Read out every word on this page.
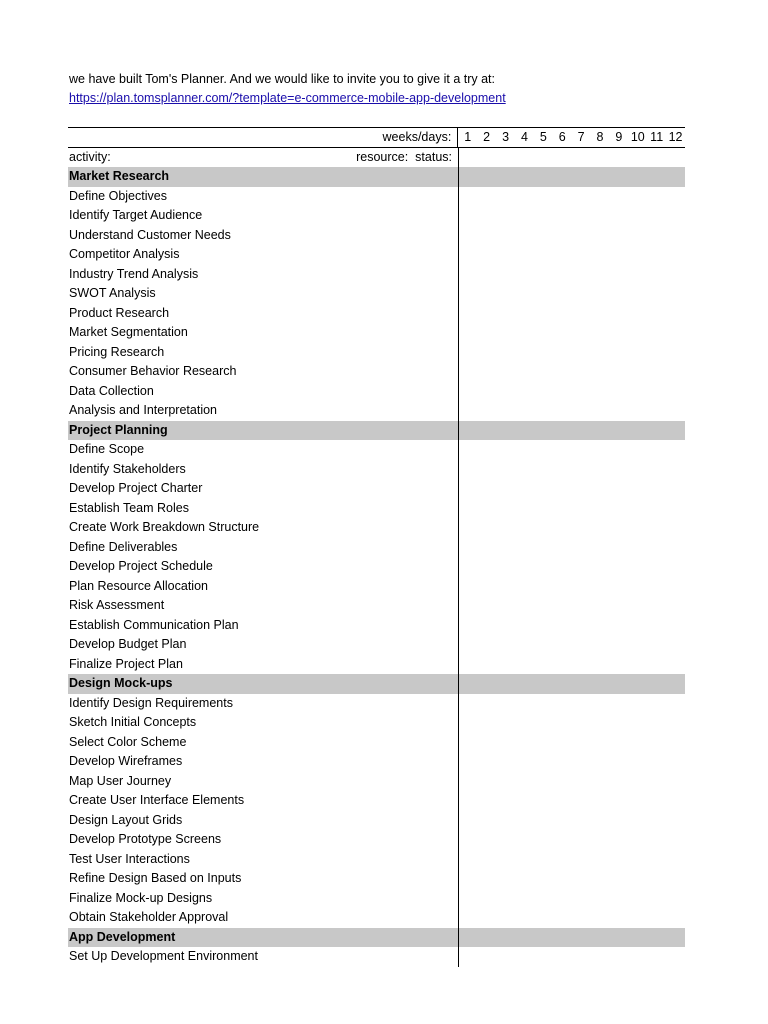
we have built Tom's Planner. And we would like to invite you to give it a try at:
https://plan.tomsplanner.com/?template=e-commerce-mobile-app-development
weeks/days:	1 2 3 4 5 6 7 8 9 10 11 12
activity:	resource: status:
Market Research
Define Objectives
Identify Target Audience
Understand Customer Needs
Competitor Analysis
Industry Trend Analysis
SWOT Analysis
Product Research
Market Segmentation
Pricing Research
Consumer Behavior Research
Data Collection
Analysis and Interpretation
Project Planning
Define Scope
Identify Stakeholders
Develop Project Charter
Establish Team Roles
Create Work Breakdown Structure
Define Deliverables
Develop Project Schedule
Plan Resource Allocation
Risk Assessment
Establish Communication Plan
Develop Budget Plan
Finalize Project Plan
Design Mock-ups
Identify Design Requirements
Sketch Initial Concepts
Select Color Scheme
Develop Wireframes
Map User Journey
Create User Interface Elements
Design Layout Grids
Develop Prototype Screens
Test User Interactions
Refine Design Based on Inputs
Finalize Mock-up Designs
Obtain Stakeholder Approval
App Development
Set Up Development Environment
